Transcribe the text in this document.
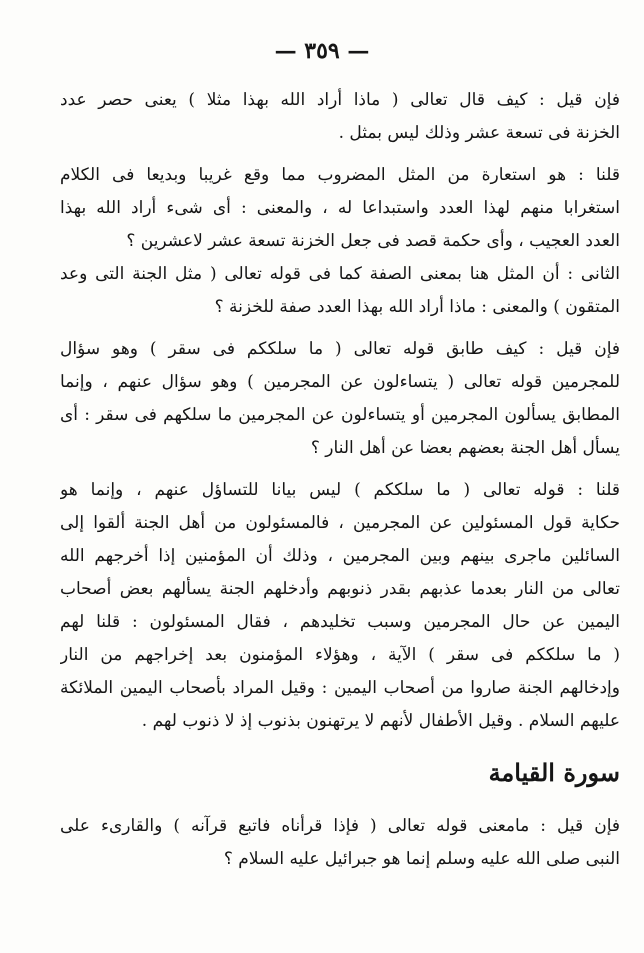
— ٣٥٩ —
فإن قيل : كيف قال تعالى ( ماذا أراد الله بهذا مثلا ) يعنى حصر عدد
الخزنة فى تسعة عشر وذلك ليس بمثل .
قلنا : هو استعارة من المثل المضروب مما وقع غريبا وبديعا فى الكلام
استغرابا منهم لهذا العدد واستبداعا له ، والمعنى : أى شىء أراد الله بهذا
العدد العجيب ، وأى حكمة قصد فى جعل الخزنة تسعة عشر لاعشرين ؟
الثانى : أن المثل هنا بمعنى الصفة كما فى قوله تعالى ( مثل الجنة التى وعد
المتقون ) والمعنى : ماذا أراد الله بهذا العدد صفة للخزنة ؟
فإن قيل : كيف طابق قوله تعالى ( ما سلككم فى سقر ) وهو سؤال
للمجرمين قوله تعالى ( يتساءلون عن المجرمين ) وهو سؤال عنهم ، وإنما
المطابق يسألون المجرمين أو يتساءلون عن المجرمين ما سلكهم فى سقر : أى
يسأل أهل الجنة بعضهم بعضا عن أهل النار ؟
قلنا : قوله تعالى ( ما سلككم ) ليس بيانا للتساؤل عنهم ، وإنما هو
حكاية قول المسئولين عن المجرمين ، فالمسئولون من أهل الجنة ألقوا إلى
السائلين ماجرى بينهم وبين المجرمين ، وذلك أن المؤمنين إذا أخرجهم الله
تعالى من النار بعدما عذبهم بقدر ذنوبهم وأدخلهم الجنة يسألهم بعض أصحاب
اليمين عن حال المجرمين وسبب تخليدهم ، فقال المسئولون : قلنا لهم
( ما سلككم فى سقر ) الآية ، وهؤلاء المؤمنون بعد إخراجهم من النار
وإدخالهم الجنة صاروا من أصحاب اليمين : وقيل المراد بأصحاب اليمين الملائكة
عليهم السلام . وقيل الأطفال لأنهم لا يرتهنون بذنوب إذ لا ذنوب لهم .
سورة القيامة
فإن قيل : مامعنى قوله تعالى ( فإذا قرأناه فاتبع قرآنه ) والقارىء على
النبى صلى الله عليه وسلم إنما هو جبرائيل عليه السلام ؟
